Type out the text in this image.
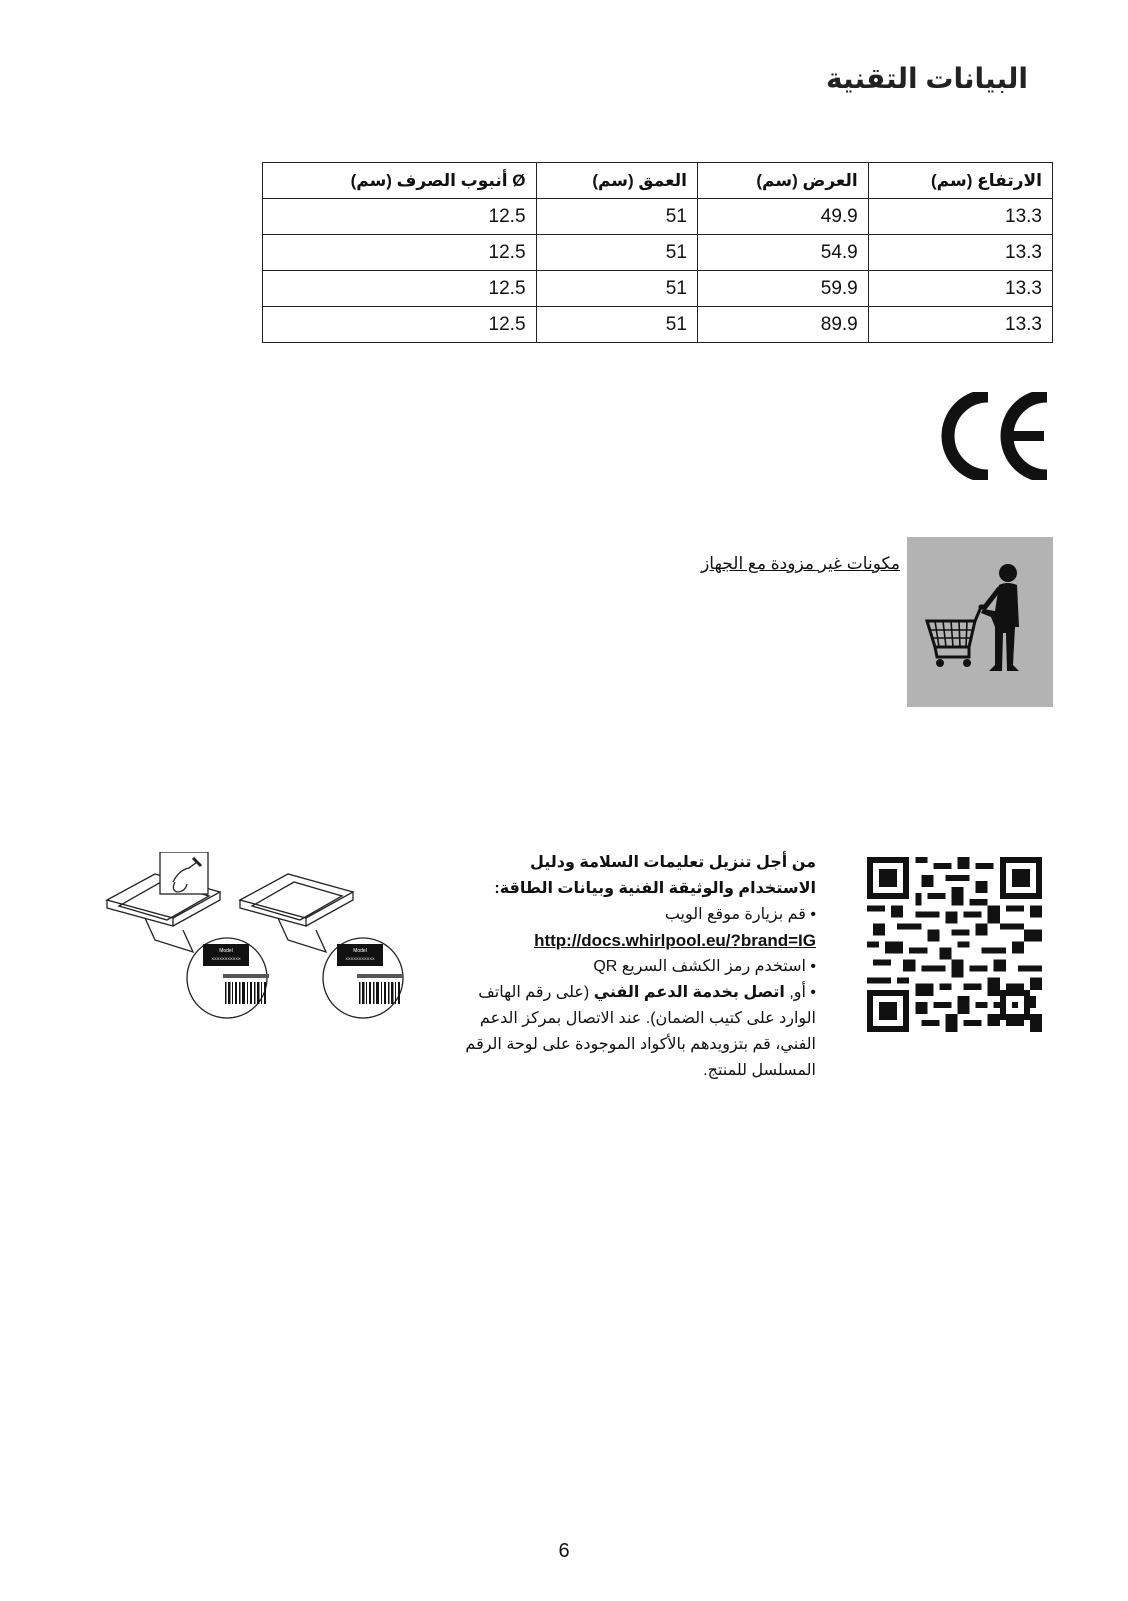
البيانات التقنية
Ø أنبوب الصرف (سم)	العمق (سم)	العرض (سم)	الارتفاع (سم)
12.5	51	49.9	13.3
12.5	51	54.9	13.3
12.5	51	59.9	13.3
12.5	51	89.9	13.3
مكونات غير مزودة مع الجهاز
Model
XXXXXXXXXXX
Model
XXXXXXXXXXX
من أجل تنزيل تعليمات السلامة ودليل الاستخدام والوثيقة الفنية وبيانات الطاقة:
• قم بزيارة موقع الويب
http://docs.whirlpool.eu/?brand=IG
• استخدم رمز الكشف السريع QR
• أو, اتصل بخدمة الدعم الفني (على رقم الهاتف الوارد على كتيب الضمان). عند الاتصال بمركز الدعم الفني، قم بتزويدهم بالأكواد الموجودة على لوحة الرقم المسلسل للمنتج.
6
